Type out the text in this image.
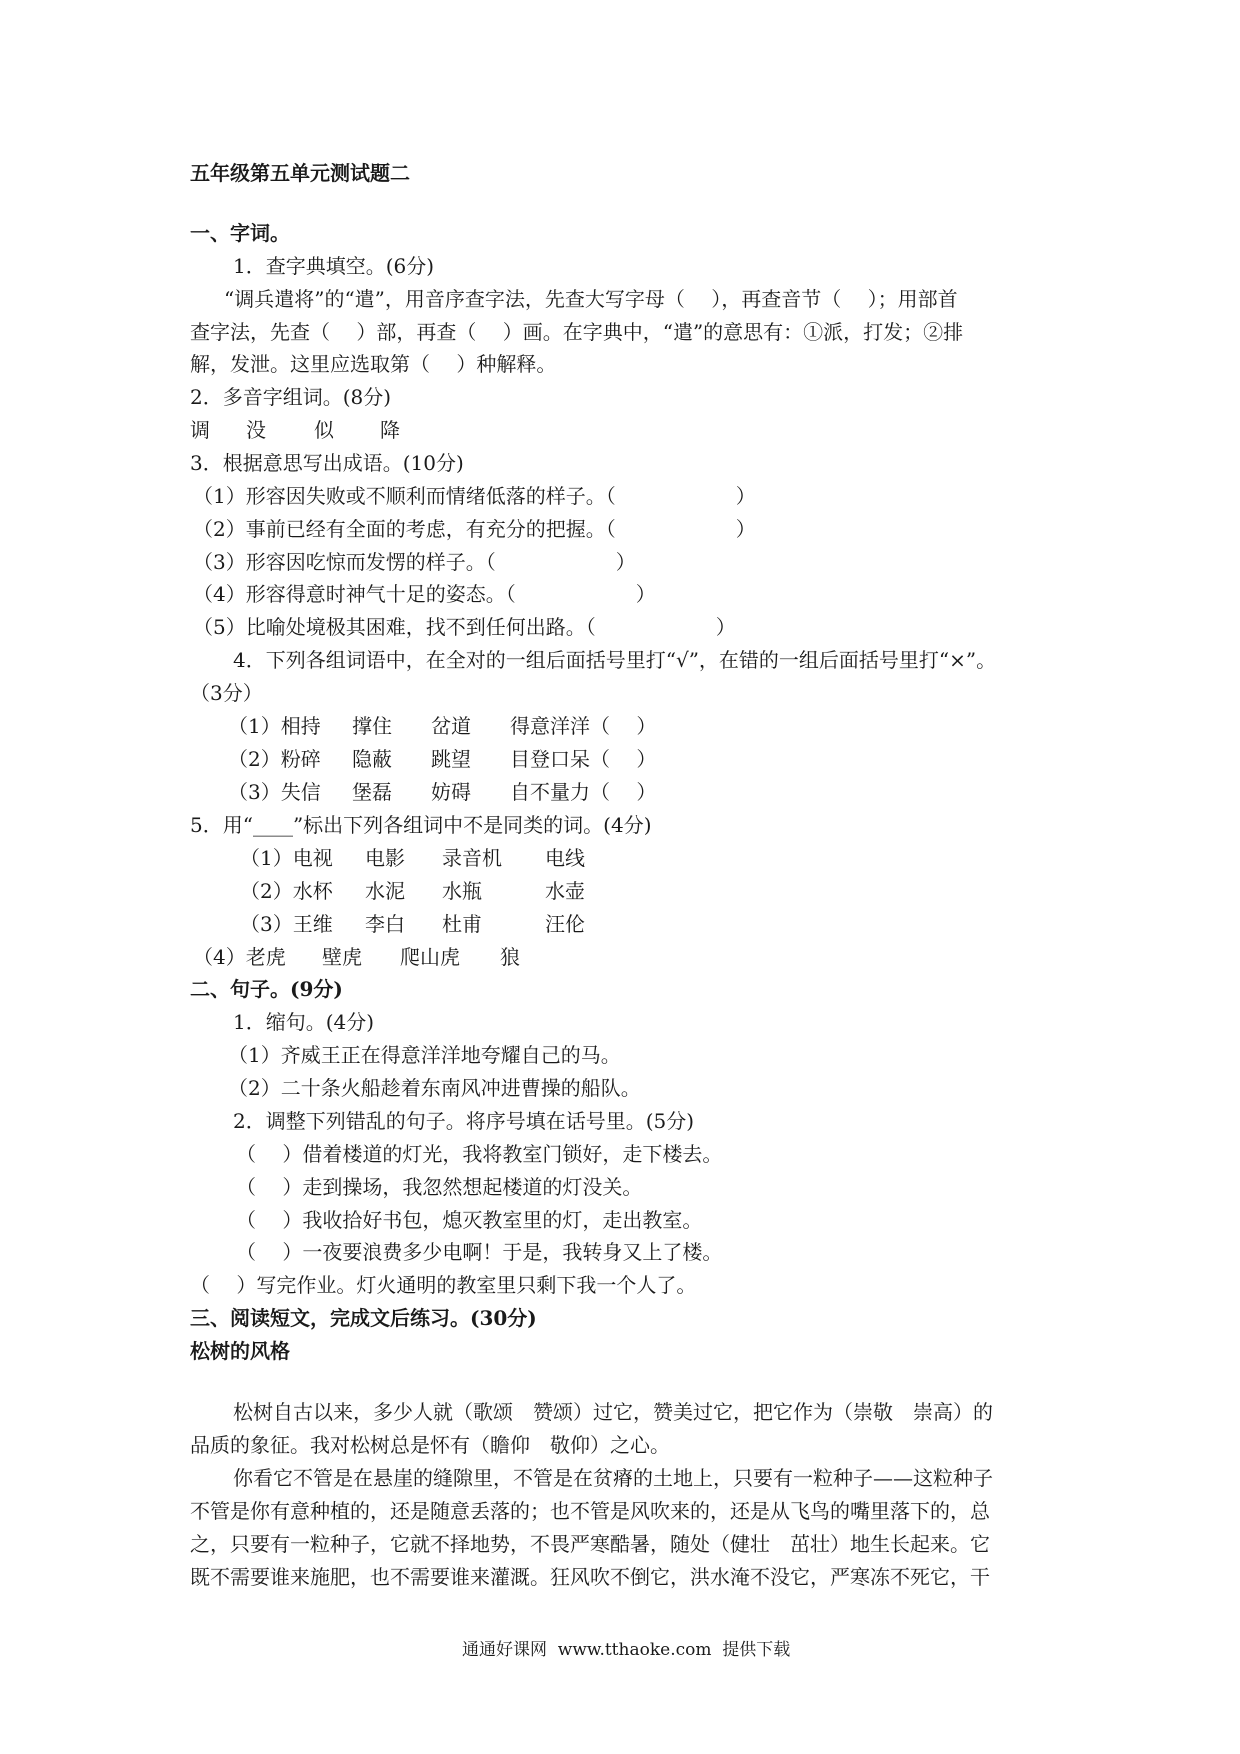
五年级第五单元测试题二
一、字词。
1．查字典填空。(6分)
“调兵遣将”的“遣”，用音序查字法，先查大写字母（　 ），再查音节（　 ）；用部首
查字法，先查（　 ）部，再查（　 ）画。在字典中，“遣”的意思有：①派，打发；②排
解，发泄。这里应选取第（　 ）种解释。
2．多音字组词。(8分)
调 没 似 降
3．根据意思写出成语。(10分)
（1）形容因失败或不顺利而情绪低落的样子。（　　　　　　）
（2）事前已经有全面的考虑，有充分的把握。（　　　　　　）
（3）形容因吃惊而发愣的样子。（　　　　　　）
（4）形容得意时神气十足的姿态。（　　　　　　）
（5）比喻处境极其困难，找不到任何出路。（　　　　　　）
4．下列各组词语中，在全对的一组后面括号里打“√”，在错的一组后面括号里打“×”。
（3分）
（1）相持 撑住 岔道 得意洋洋（　 ）
（2）粉碎 隐蔽 跳望 目登口呆（　 ）
（3）失信 堡磊 妨碍 自不量力（　 ）
5．用“____”标出下列各组词中不是同类的词。(4分)
（1）电视 电影 录音机 电线
（2）水杯 水泥 水瓶	水壶
（3）王维 李白 杜甫	汪伦
（4）老虎 壁虎 爬山虎 狼
二、句子。(9分)
1．缩句。(4分)
（1）齐威王正在得意洋洋地夸耀自己的马。
（2）二十条火船趁着东南风冲进曹操的船队。
2．调整下列错乱的句子。将序号填在话号里。(5分)
（　 ）借着楼道的灯光，我将教室门锁好，走下楼去。
（　 ）走到操场，我忽然想起楼道的灯没关。
（　 ）我收拾好书包，熄灭教室里的灯，走出教室。
（　 ）一夜要浪费多少电啊！于是，我转身又上了楼。
（　 ）写完作业。灯火通明的教室里只剩下我一个人了。
三、阅读短文，完成文后练习。(30分)
松树的风格
松树自古以来，多少人就（歌颂　赞颂）过它，赞美过它，把它作为（崇敬　崇高）的
品质的象征。我对松树总是怀有（瞻仰　敬仰）之心。
你看它不管是在悬崖的缝隙里，不管是在贫瘠的土地上，只要有一粒种子——这粒种子
不管是你有意种植的，还是随意丢落的；也不管是风吹来的，还是从飞鸟的嘴里落下的，总
之，只要有一粒种子，它就不择地势，不畏严寒酷暑，随处（健壮　茁壮）地生长起来。它
既不需要谁来施肥，也不需要谁来灌溉。狂风吹不倒它，洪水淹不没它，严寒冻不死它，干
通通好课网  www.tthaoke.com  提供下载
